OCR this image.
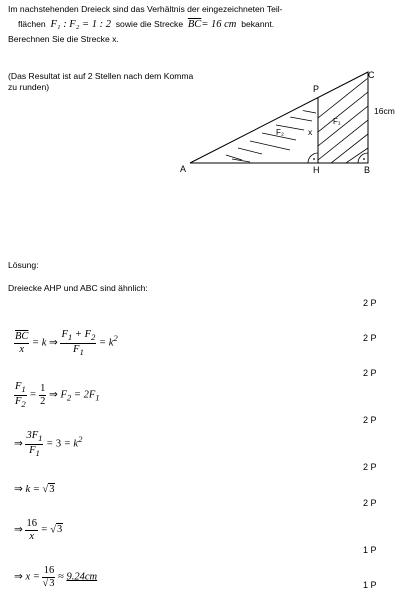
Im nachstehenden Dreieck sind das Verhältnis der eingezeichneten Teil-
flächen F₁ : F₂ = 1 : 2 sowie die Strecke $\overline{BC}= 16$ cm bekannt.
Berechnen Sie die Strecke x.
(Das Resultat ist auf 2 Stellen nach dem Komma
zu runden)
A	B
C
H
P
x
F₁
F₂
16cm
Lösung:
Dreiecke AHP und ABC sind ähnlich:
2 P
2 P
2 P
2 P
2 P
2 P
1 P
1 P
$\frac{\overline{BC}}{x} = k$ ⇒ $\frac{F_1 + F_2}{F_1} = k^2$
$\frac{F_1}{F_2} = \frac{1}{2}$ ⇒ $F_2 = 2F_1$
⇒ $\frac{3F_1}{F_1} = 3 = k^2$
⇒ k = √3
⇒ $\frac{16}{x} = √3$
⇒ $x = \frac{16}{√3} \approx 9.24cm$
